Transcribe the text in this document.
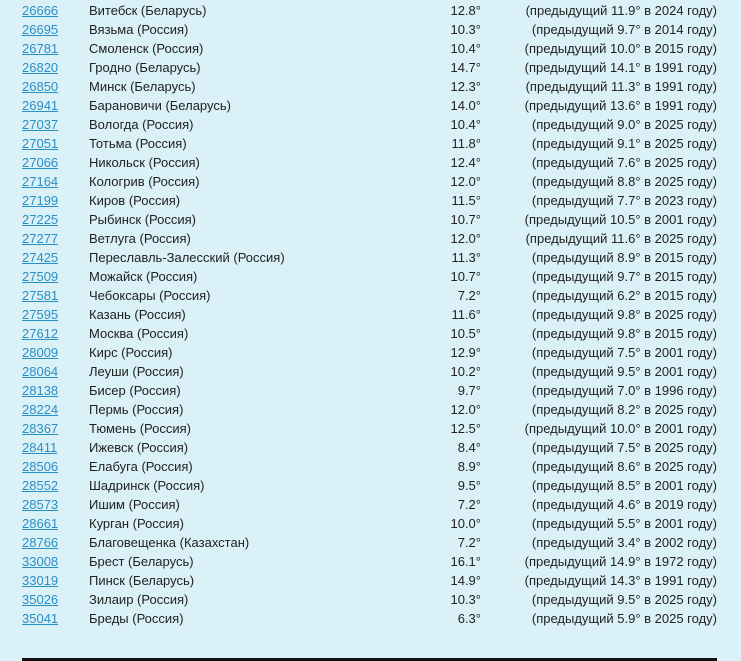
26666 Витебск (Беларусь)	12.8°	(предыдущий 11.9° в 2024 году)
26695 Вязьма (Россия)	10.3°	(предыдущий 9.7° в 2014 году)
26781 Смоленск (Россия)	10.4°	(предыдущий 10.0° в 2015 году)
26820 Гродно (Беларусь)	14.7°	(предыдущий 14.1° в 1991 году)
26850 Минск (Беларусь)	12.3°	(предыдущий 11.3° в 1991 году)
26941 Барановичи (Беларусь)	14.0°	(предыдущий 13.6° в 1991 году)
27037 Вологда (Россия)	10.4°	(предыдущий 9.0° в 2025 году)
27051 Тотьма (Россия)	11.8°	(предыдущий 9.1° в 2025 году)
27066 Никольск (Россия)	12.4°	(предыдущий 7.6° в 2025 году)
27164 Кологрив (Россия)	12.0°	(предыдущий 8.8° в 2025 году)
27199 Киров (Россия)	11.5°	(предыдущий 7.7° в 2023 году)
27225 Рыбинск (Россия)	10.7°	(предыдущий 10.5° в 2001 году)
27277 Ветлуга (Россия)	12.0°	(предыдущий 11.6° в 2025 году)
27425 Переславль-Залесский (Россия)	11.3°	(предыдущий 8.9° в 2015 году)
27509 Можайск (Россия)	10.7°	(предыдущий 9.7° в 2015 году)
27581 Чебоксары (Россия)	7.2°	(предыдущий 6.2° в 2015 году)
27595 Казань (Россия)	11.6°	(предыдущий 9.8° в 2025 году)
27612 Москва (Россия)	10.5°	(предыдущий 9.8° в 2015 году)
28009 Кирс (Россия)	12.9°	(предыдущий 7.5° в 2001 году)
28064 Леуши (Россия)	10.2°	(предыдущий 9.5° в 2001 году)
28138 Бисер (Россия)	9.7°	(предыдущий 7.0° в 1996 году)
28224 Пермь (Россия)	12.0°	(предыдущий 8.2° в 2025 году)
28367 Тюмень (Россия)	12.5°	(предыдущий 10.0° в 2001 году)
28411 Ижевск (Россия)	8.4°	(предыдущий 7.5° в 2025 году)
28506 Елабуга (Россия)	8.9°	(предыдущий 8.6° в 2025 году)
28552 Шадринск (Россия)	9.5°	(предыдущий 8.5° в 2001 году)
28573 Ишим (Россия)	7.2°	(предыдущий 4.6° в 2019 году)
28661 Курган (Россия)	10.0°	(предыдущий 5.5° в 2001 году)
28766 Благовещенка (Казахстан)	7.2°	(предыдущий 3.4° в 2002 году)
33008 Брест (Беларусь)	16.1°	(предыдущий 14.9° в 1972 году)
33019 Пинск (Беларусь)	14.9°	(предыдущий 14.3° в 1991 году)
35026 Зилаир (Россия)	10.3°	(предыдущий 9.5° в 2025 году)
35041 Бреды (Россия)	6.3°	(предыдущий 5.9° в 2025 году)
